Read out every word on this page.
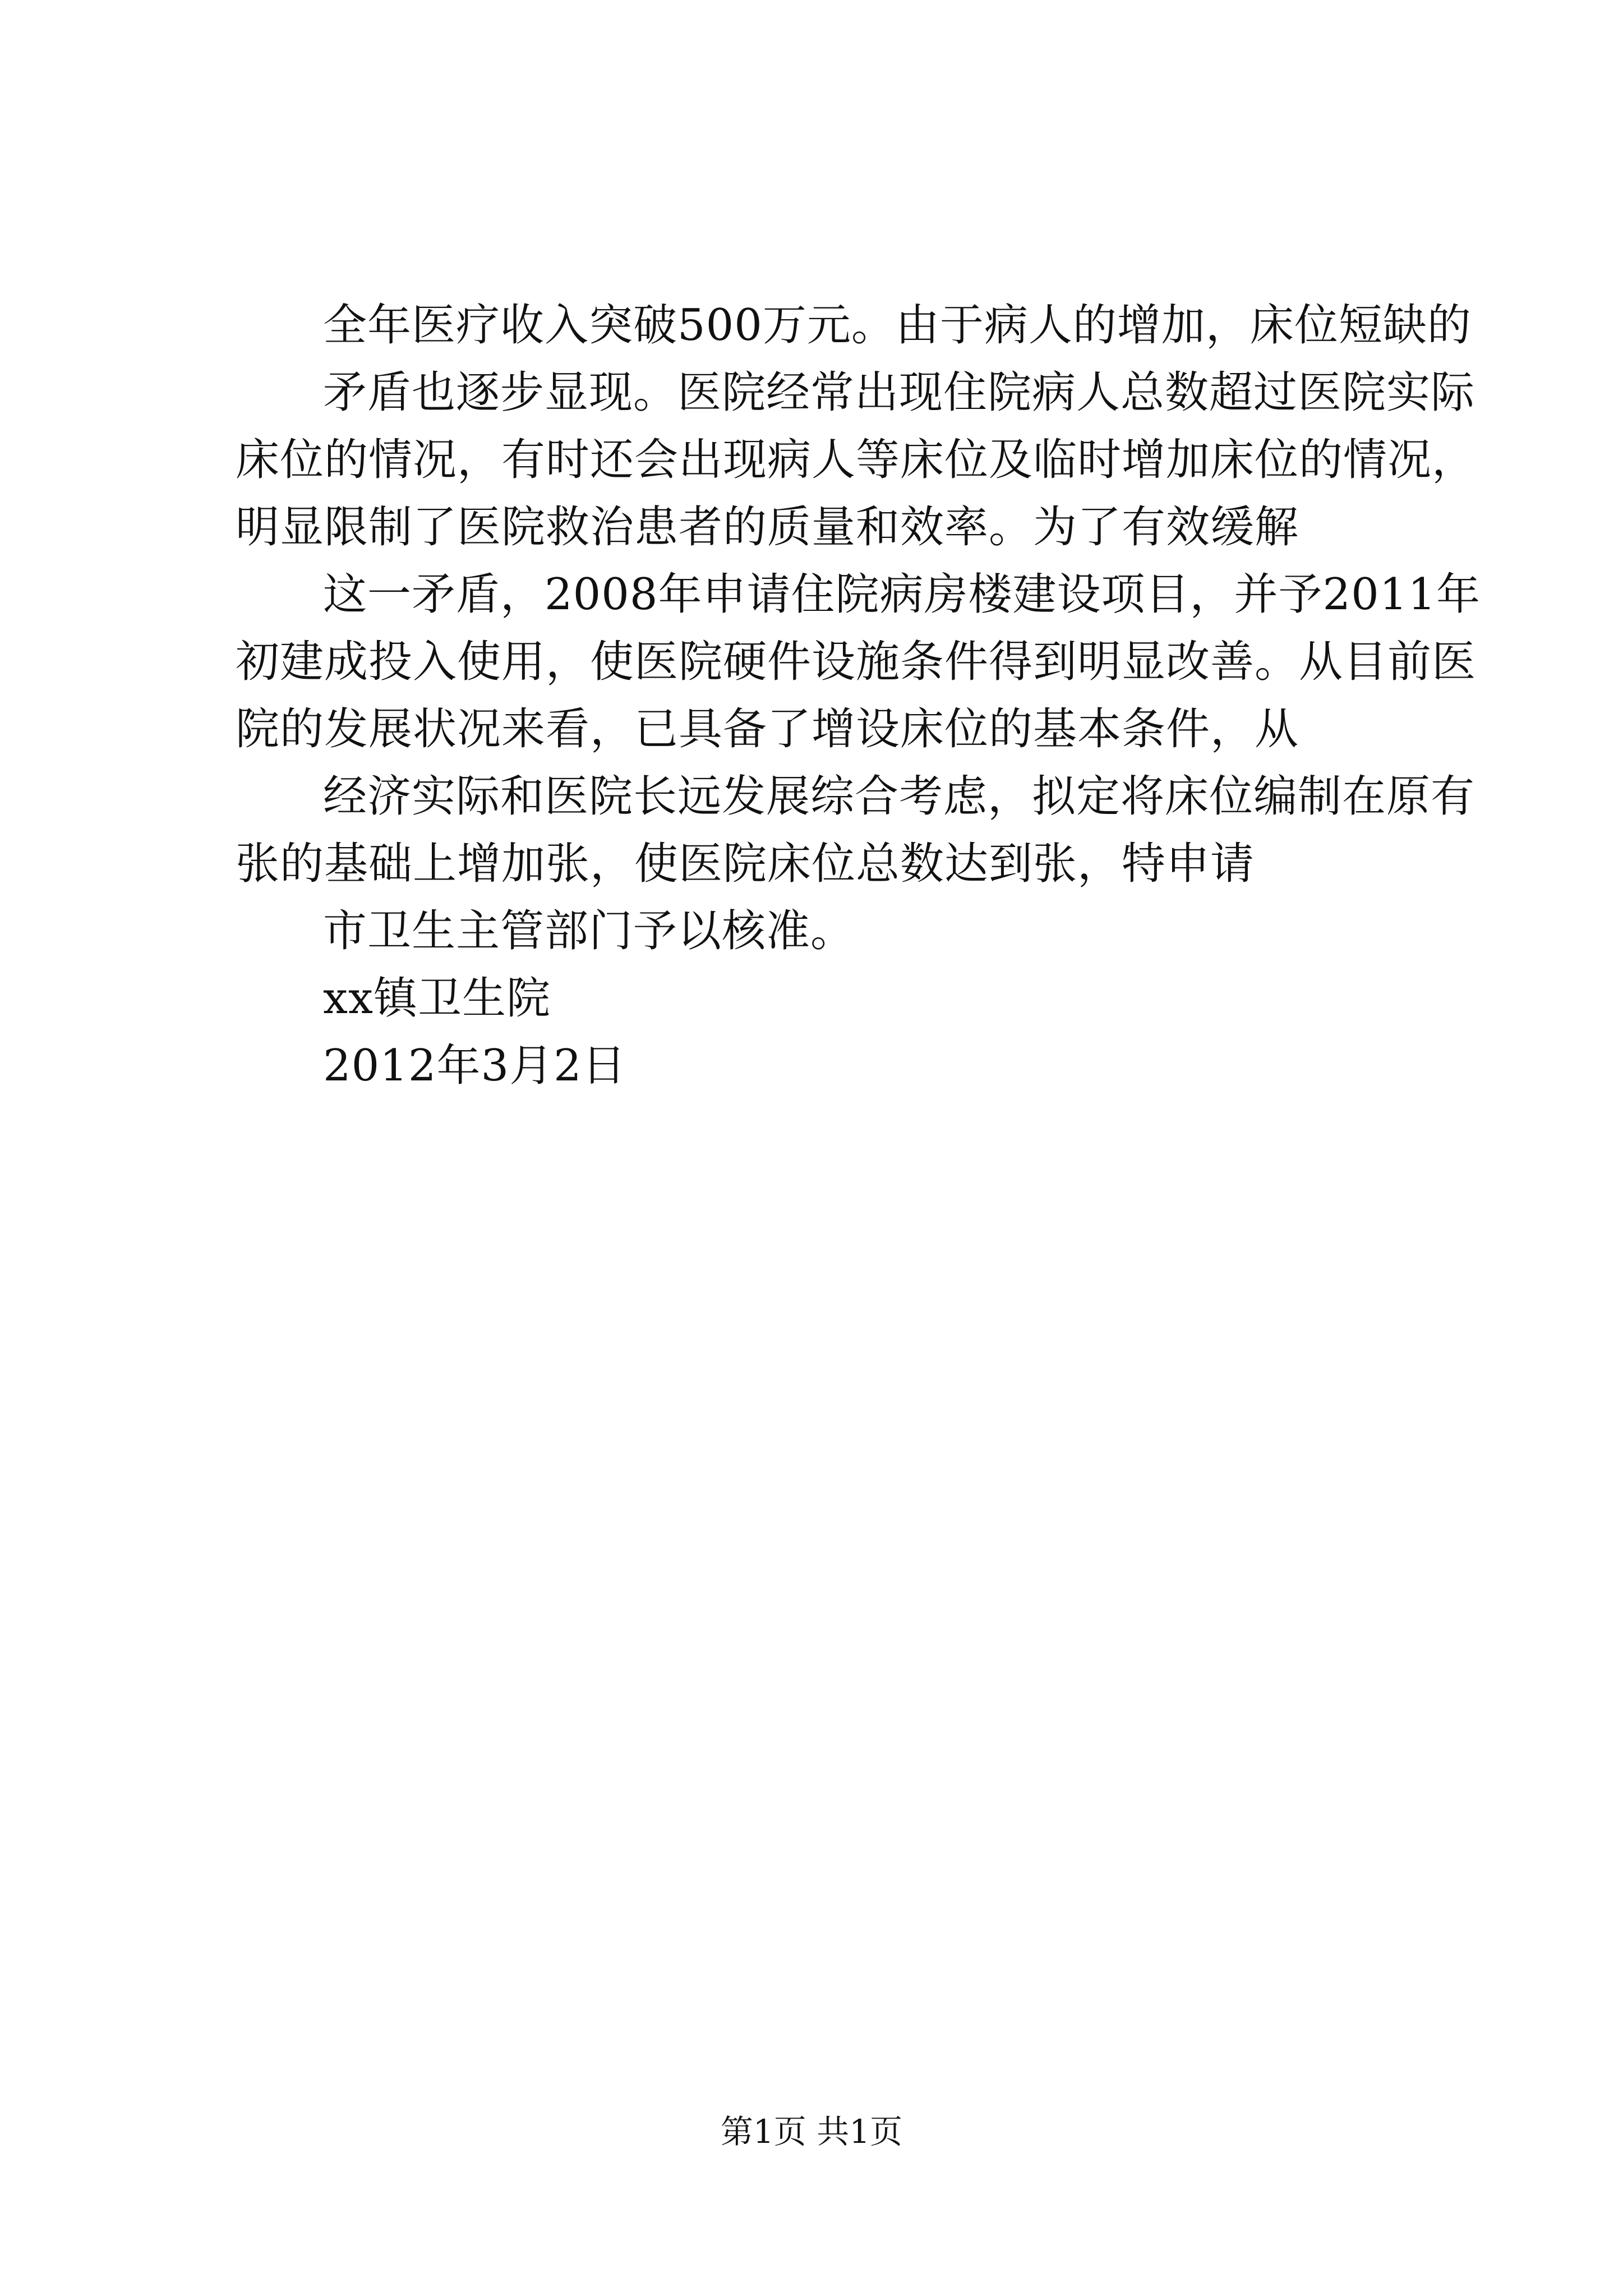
全年医疗收入突破500万元。由于病人的增加，床位短缺的

矛盾也逐步显现。医院经常出现住院病人总数超过医院实际

床位的情况，有时还会出现病人等床位及临时增加床位的情况，

明显限制了医院救治患者的质量和效率。为了有效缓解

这一矛盾，2008年申请住院病房楼建设项目，并予2011年

初建成投入使用，使医院硬件设施条件得到明显改善。从目前医

院的发展状况来看，已具备了增设床位的基本条件，从

经济实际和医院长远发展综合考虑，拟定将床位编制在原有

张的基础上增加张，使医院床位总数达到张，特申请

市卫生主管部门予以核准。

xx镇卫生院

2012年3月2日

第1页 共1页
